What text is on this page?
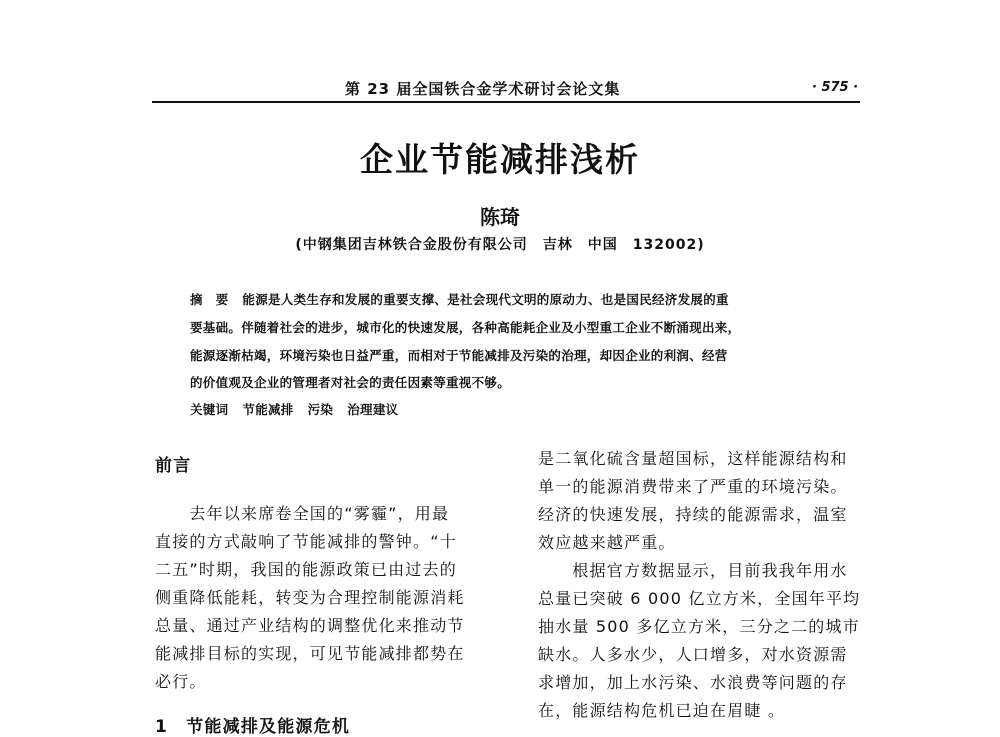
第 23 届全国铁合金学术研讨会论文集	· 575 ·
企业节能减排浅析
陈琦
(中钢集团吉林铁合金股份有限公司　吉林　中国　132002)
摘　要 能源是人类生存和发展的重要支撑、是社会现代文明的原动力、也是国民经济发展的重
要基础。伴随着社会的进步，城市化的快速发展，各种高能耗企业及小型重工企业不断涌现出来，
能源逐渐枯竭，环境污染也日益严重，而相对于节能减排及污染的治理，却因企业的利润、经营
的价值观及企业的管理者对社会的责任因素等重视不够。
关键词 节能减排 污染 治理建议
前言
　　去年以来席卷全国的“雾霾”，用最
直接的方式敲响了节能减排的警钟。“十
二五”时期，我国的能源政策已由过去的
侧重降低能耗，转变为合理控制能源消耗
总量、通过产业结构的调整优化来推动节
能减排目标的实现，可见节能减排都势在
必行。
1　节能减排及能源危机
是二氧化硫含量超国标，这样能源结构和
单一的能源消费带来了严重的环境污染。
经济的快速发展，持续的能源需求，温室
效应越来越严重。
　　根据官方数据显示，目前我我年用水
总量已突破 6 000 亿立方米，全国年平均
抽水量 500 多亿立方米，三分之二的城市
缺水。人多水少，人口增多，对水资源需
求增加，加上水污染、水浪费等问题的存
在，能源结构危机已迫在眉睫 。
